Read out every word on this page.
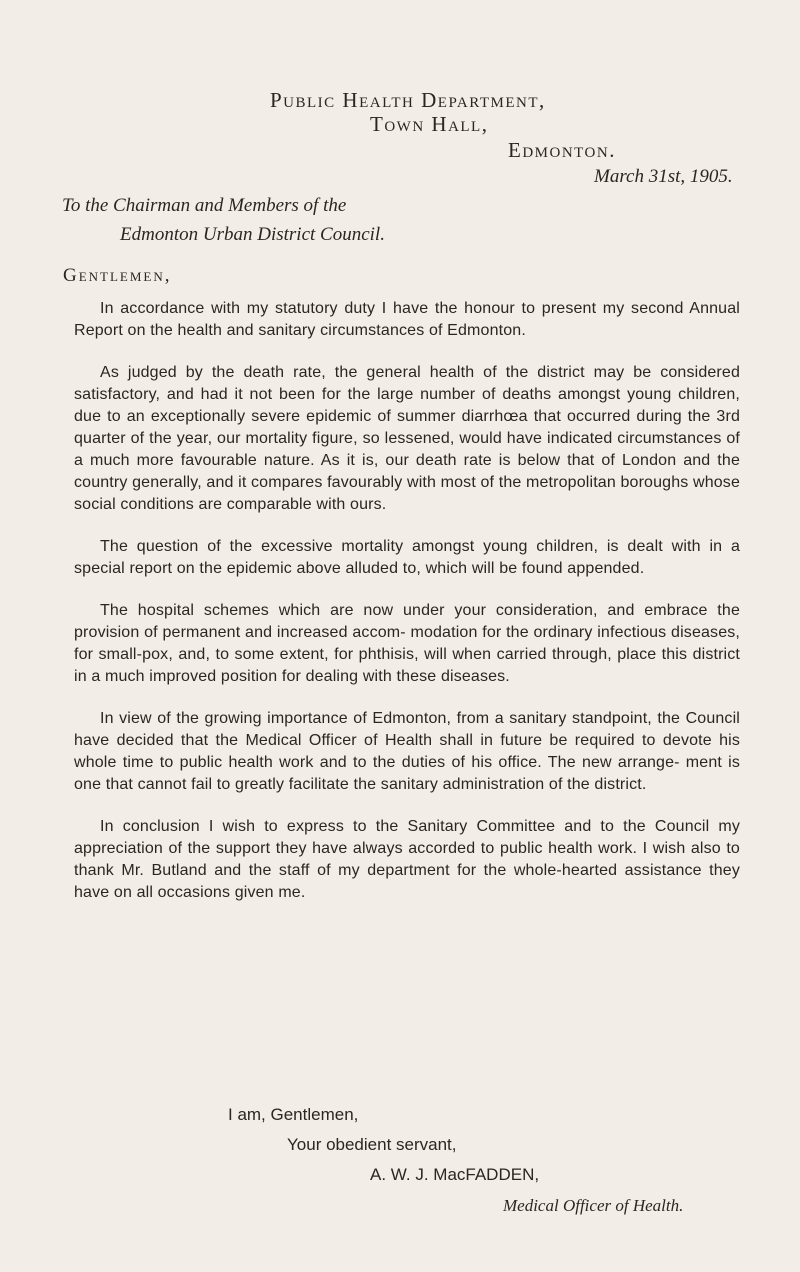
Public Health Department,
Town Hall,
Edmonton.
March 31st, 1905.
To the Chairman and Members of the
Edmonton Urban District Council.
Gentlemen,

In accordance with my statutory duty I have the honour to present my second Annual Report on the health and sanitary circumstances of Edmonton.

As judged by the death rate, the general health of the district may be considered satisfactory, and had it not been for the large number of deaths amongst young children, due to an exceptionally severe epidemic of summer diarrhœa that occurred during the 3rd quarter of the year, our mortality figure, so lessened, would have indicated circumstances of a much more favourable nature. As it is, our death rate is below that of London and the country generally, and it compares favourably with most of the metropolitan boroughs whose social conditions are comparable with ours.

The question of the excessive mortality amongst young children, is dealt with in a special report on the epidemic above alluded to, which will be found appended.

The hospital schemes which are now under your consideration, and embrace the provision of permanent and increased accom- modation for the ordinary infectious diseases, for small-pox, and, to some extent, for phthisis, will when carried through, place this district in a much improved position for dealing with these diseases.

In view of the growing importance of Edmonton, from a sanitary standpoint, the Council have decided that the Medical Officer of Health shall in future be required to devote his whole time to public health work and to the duties of his office. The new arrange- ment is one that cannot fail to greatly facilitate the sanitary administration of the district.

In conclusion I wish to express to the Sanitary Committee and to the Council my appreciation of the support they have always accorded to public health work. I wish also to thank Mr. Butland and the staff of my department for the whole-hearted assistance they have on all occasions given me.

I am, Gentlemen,
Your obedient servant,
A. W. J. MacFADDEN,
Medical Officer of Health.
